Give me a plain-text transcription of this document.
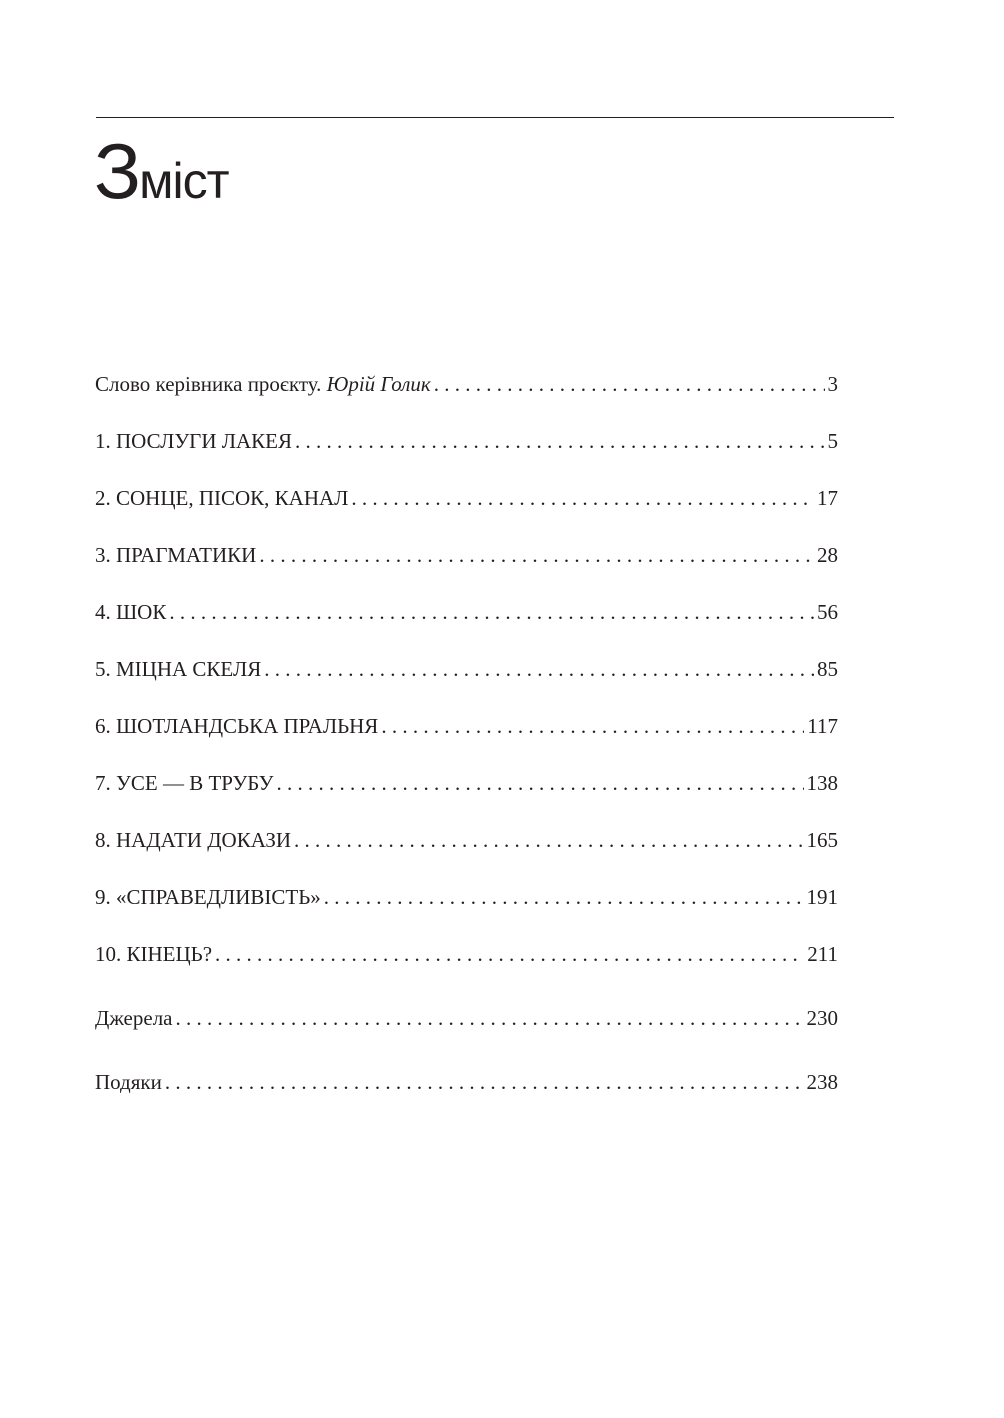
Зміст
Слово керівника проєкту. Юрій Голик . . .	3
1. ПОСЛУГИ ЛАКЕЯ . . .	5
2. СОНЦЕ, ПІСОК, КАНАЛ . . .	17
3. ПРАГМАТИКИ . . .	28
4. ШОК . . .	56
5. МІЦНА СКЕЛЯ . . .	85
6. ШОТЛАНДСЬКА ПРАЛЬНЯ . . .	117
7. УСЕ — В ТРУБУ . . .	138
8. НАДАТИ ДОКАЗИ . . .	165
9. «СПРАВЕДЛИВІСТЬ» . . .	191
10. КІНЕЦЬ? . . .	211
Джерела . . .	230
Подяки . . .	238
